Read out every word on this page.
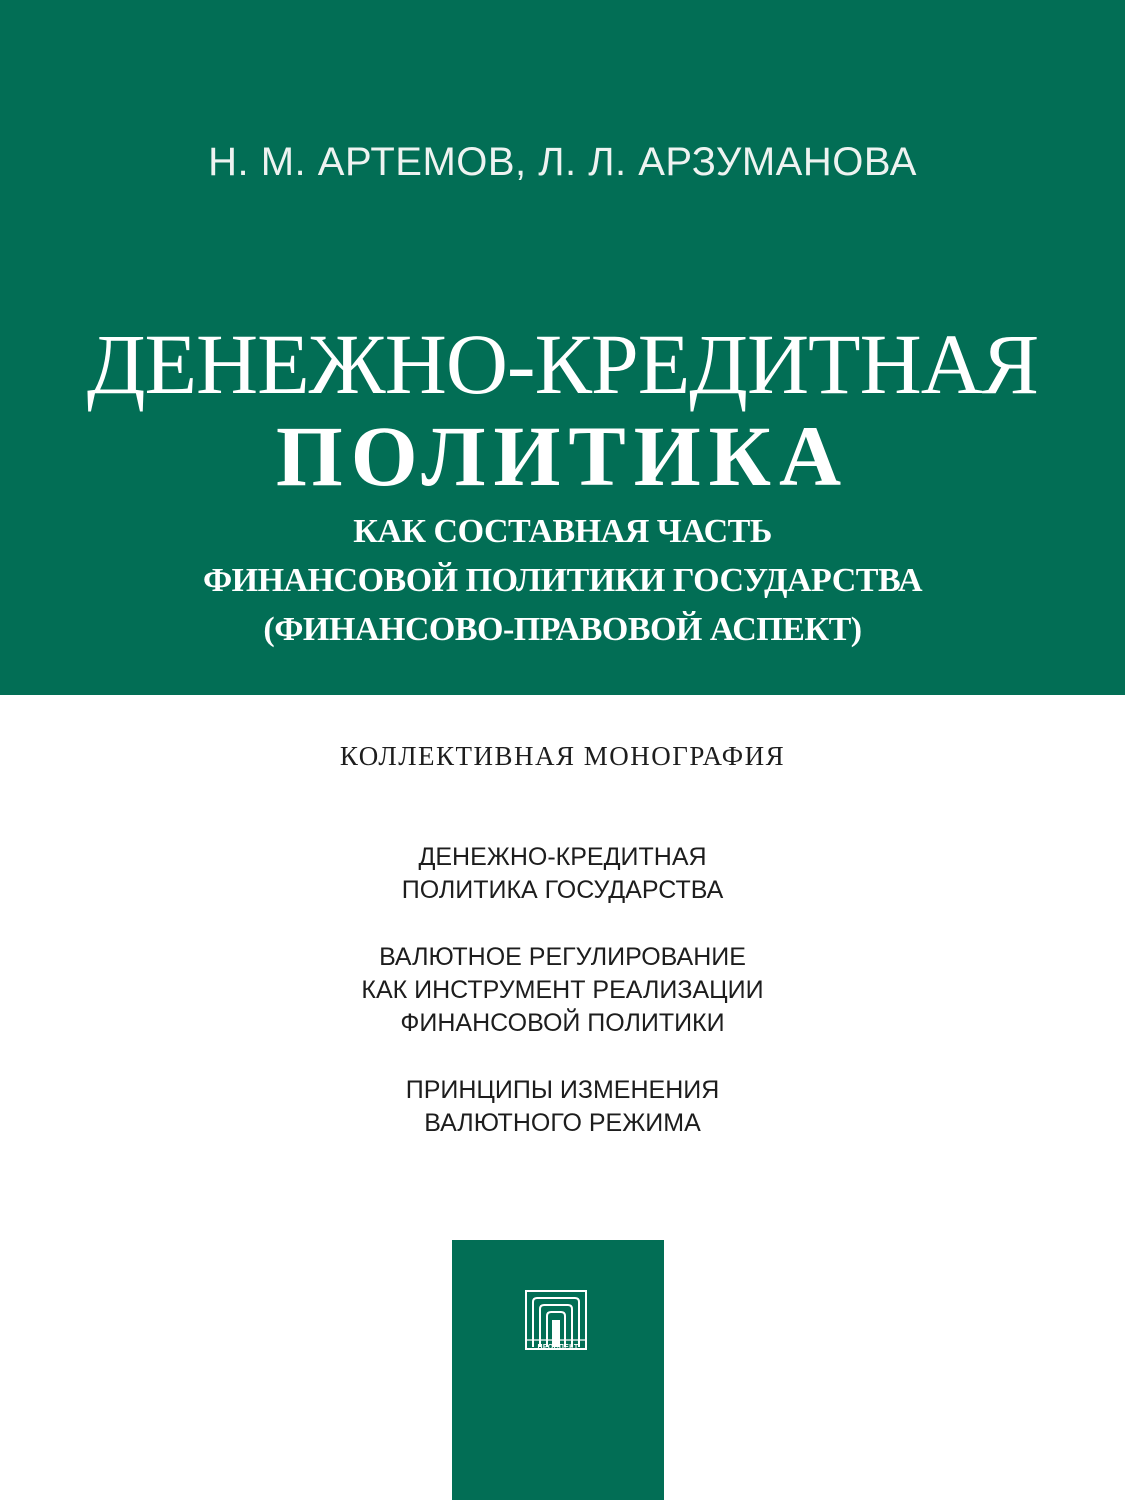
Н. М. АРТЕМОВ, Л. Л. АРЗУМАНОВА
ДЕНЕЖНО-КРЕДИТНАЯ
ПОЛИТИКА
КАК СОСТАВНАЯ ЧАСТЬ
ФИНАНСОВОЙ ПОЛИТИКИ ГОСУДАРСТВА
(ФИНАНСОВО-ПРАВОВОЙ АСПЕКТ)
КОЛЛЕКТИВНАЯ МОНОГРАФИЯ
ДЕНЕЖНО-КРЕДИТНАЯ
ПОЛИТИКА ГОСУДАРСТВА
ВАЛЮТНОЕ РЕГУЛИРОВАНИЕ
КАК ИНСТРУМЕНТ РЕАЛИЗАЦИИ
ФИНАНСОВОЙ ПОЛИТИКИ
ПРИНЦИПЫ ИЗМЕНЕНИЯ
ВАЛЮТНОГО РЕЖИМА
ПРОСПЕКТ
